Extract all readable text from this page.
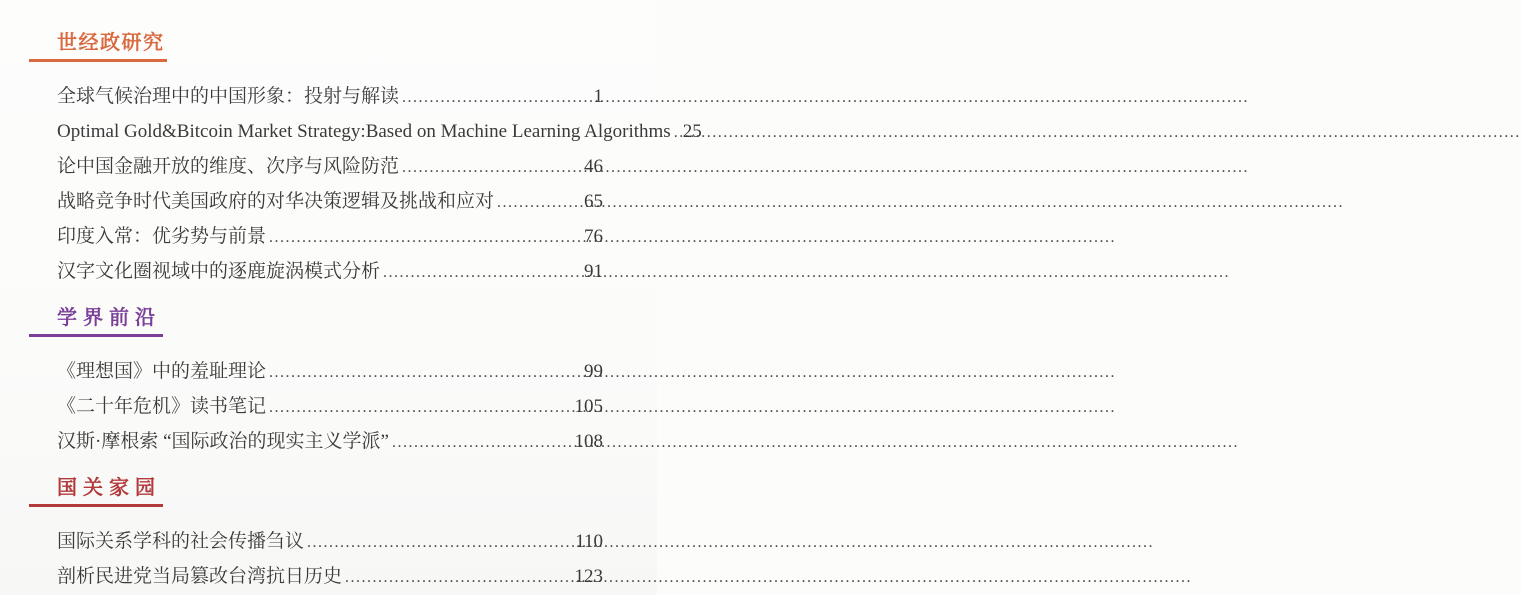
世经政研究
全球气候治理中的中国形象：投射与解读 .....	1
Optimal Gold&Bitcoin Market Strategy:Based on Machine Learning Algorithms ..... 25
论中国金融开放的维度、次序与风险防范 .....	46
战略竞争时代美国政府的对华决策逻辑及挑战和应对 .....	65
印度入常：优劣势与前景 .....	76
汉字文化圈视域中的逐鹿旋涡模式分析 .....	91
学界前沿
《理想国》中的羞耻理论 .....	99
《二十年危机》读书笔记 .....	105
汉斯·摩根索 “国际政治的现实主义学派” .....	108
国关家园
国际关系学科的社会传播刍议 .....	110
剖析民进党当局篡改台湾抗日历史 .....	123
